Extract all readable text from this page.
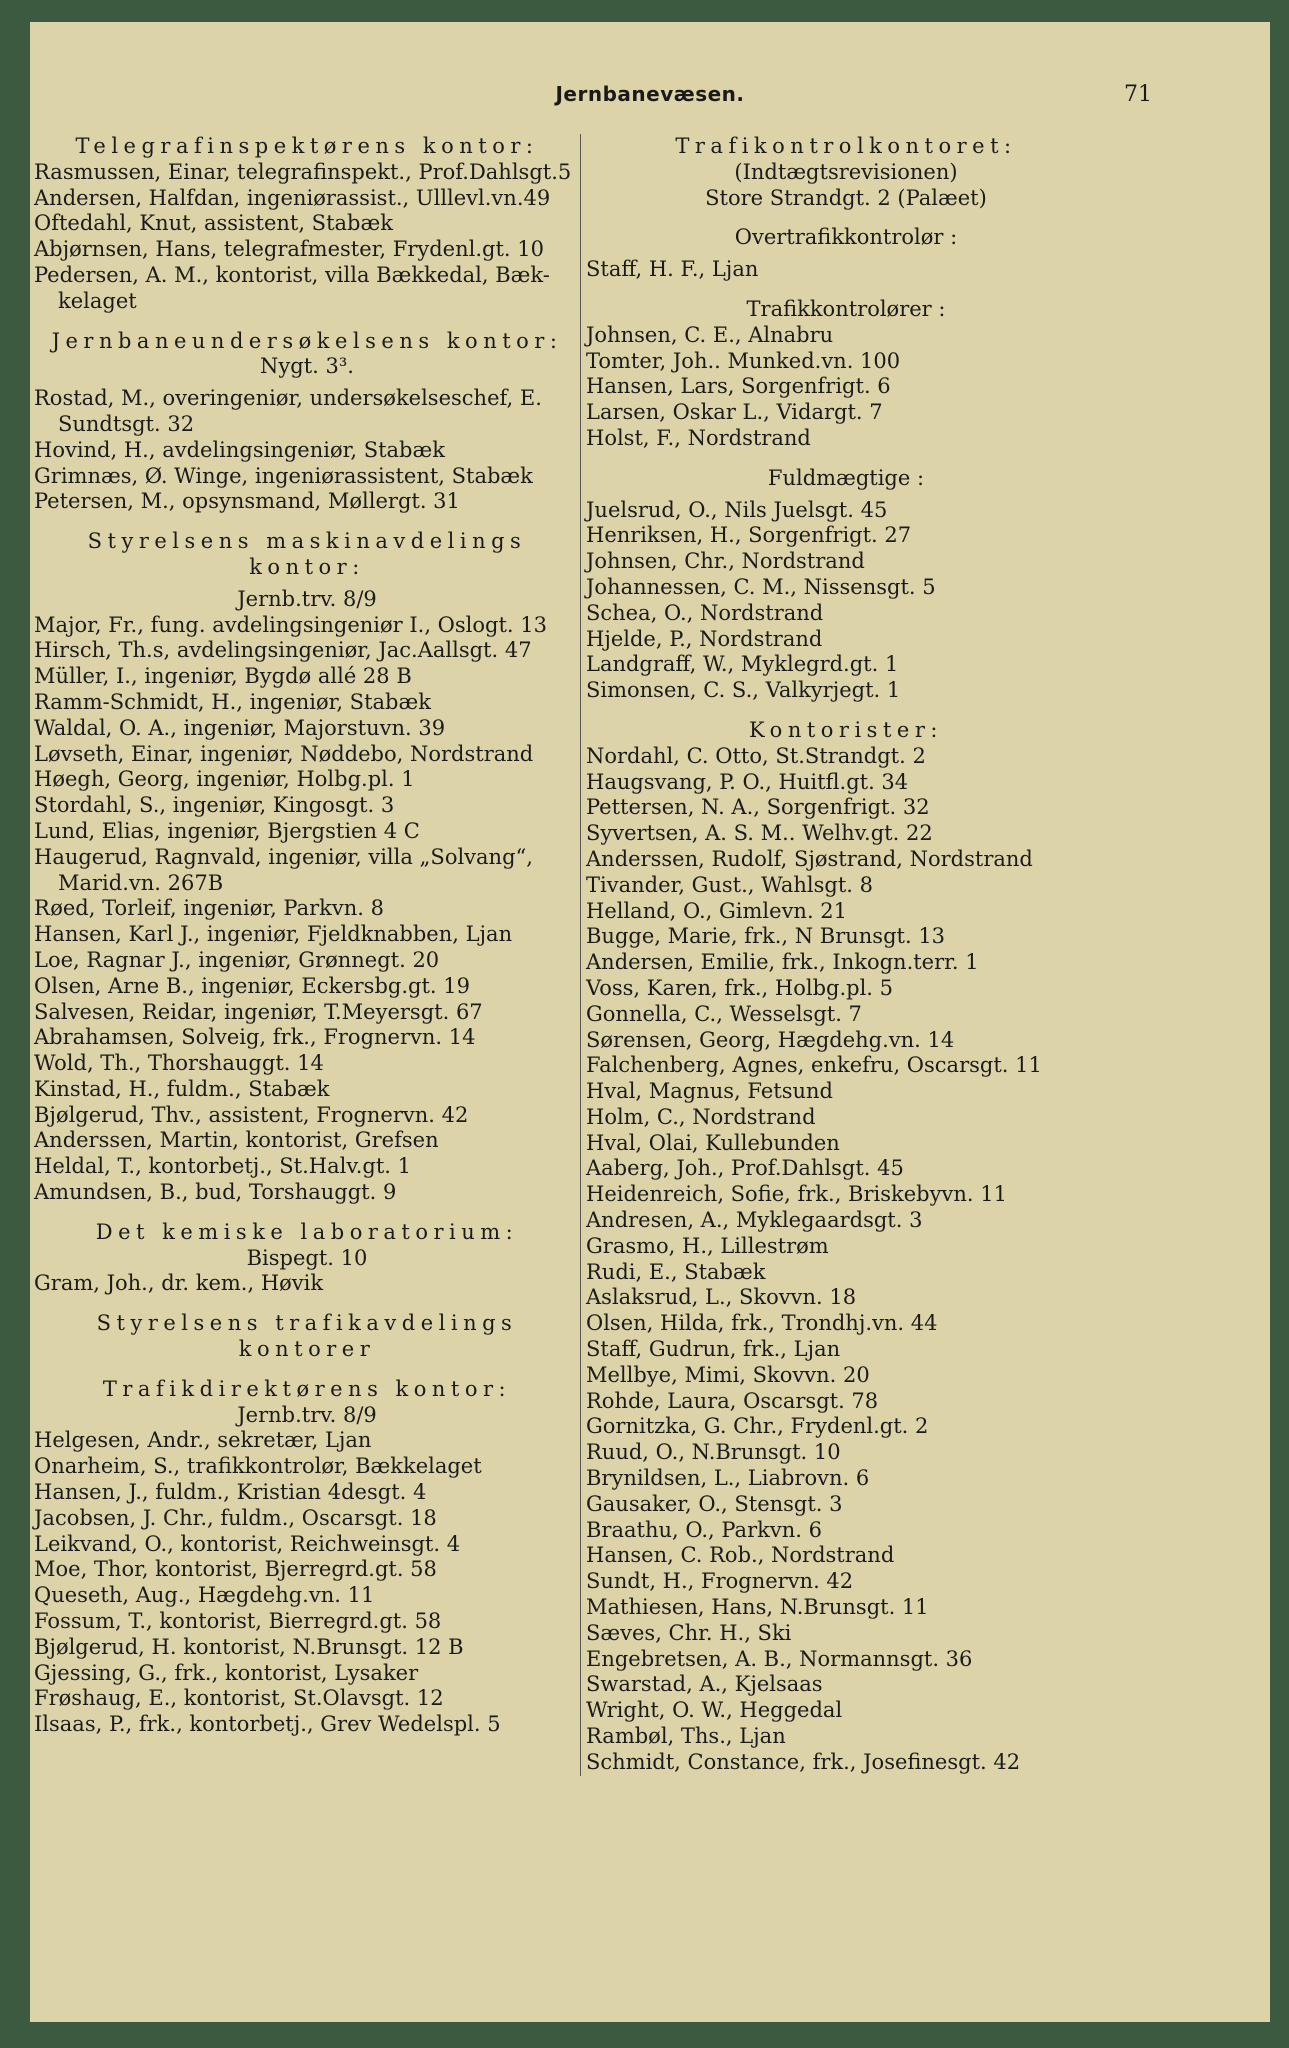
Jernbanevæsen.	71
Telegrafinspektørens kontor:
Rasmussen, Einar, telegrafinspekt., Prof.Dahlsgt.5
Andersen, Halfdan, ingeniørassist., Ulllevl.vn.49
Oftedahl, Knut, assistent, Stabæk
Abjørnsen, Hans, telegrafmester, Frydenl.gt. 10
Pedersen, A. M., kontorist, villa Bækkedal, Bæk-
kelaget
Jernbaneundersøkelsens kontor:
Nygt. 3³.
Rostad, M., overingeniør, undersøkelseschef, E.
Sundtsgt. 32
Hovind, H., avdelingsingeniør, Stabæk
Grimnæs, Ø. Winge, ingeniørassistent, Stabæk
Petersen, M., opsynsmand, Møllergt. 31
Styrelsens maskinavdelings
kontor:
Jernb.trv. 8/9
Major, Fr., fung. avdelingsingeniør I., Oslogt. 13
Hirsch, Th.s, avdelingsingeniør, Jac.Aallsgt. 47
Müller, I., ingeniør, Bygdø allé 28 B
Ramm-Schmidt, H., ingeniør, Stabæk
Waldal, O. A., ingeniør, Majorstuvn. 39
Løvseth, Einar, ingeniør, Nøddebo, Nordstrand
Høegh, Georg, ingeniør, Holbg.pl. 1
Stordahl, S., ingeniør, Kingosgt. 3
Lund, Elias, ingeniør, Bjergstien 4 C
Haugerud, Ragnvald, ingeniør, villa „Solvang“,
Marid.vn. 267B
Røed, Torleif, ingeniør, Parkvn. 8
Hansen, Karl J., ingeniør, Fjeldknabben, Ljan
Loe, Ragnar J., ingeniør, Grønnegt. 20
Olsen, Arne B., ingeniør, Eckersbg.gt. 19
Salvesen, Reidar, ingeniør, T.Meyersgt. 67
Abrahamsen, Solveig, frk., Frognervn. 14
Wold, Th., Thorshauggt. 14
Kinstad, H., fuldm., Stabæk
Bjølgerud, Thv., assistent, Frognervn. 42
Anderssen, Martin, kontorist, Grefsen
Heldal, T., kontorbetj., St.Halv.gt. 1
Amundsen, B., bud, Torshauggt. 9
Det kemiske laboratorium:
Bispegt. 10
Gram, Joh., dr. kem., Høvik
Styrelsens trafikavdelings
kontorer
Trafikdirektørens kontor:
Jernb.trv. 8/9
Helgesen, Andr., sekretær, Ljan
Onarheim, S., trafikkontrolør, Bækkelaget
Hansen, J., fuldm., Kristian 4desgt. 4
Jacobsen, J. Chr., fuldm., Oscarsgt. 18
Leikvand, O., kontorist, Reichweinsgt. 4
Moe, Thor, kontorist, Bjerregrd.gt. 58
Queseth, Aug., Hægdehg.vn. 11
Fossum, T., kontorist, Bierregrd.gt. 58
Bjølgerud, H. kontorist, N.Brunsgt. 12 B
Gjessing, G., frk., kontorist, Lysaker
Frøshaug, E., kontorist, St.Olavsgt. 12
Ilsaas, P., frk., kontorbetj., Grev Wedelspl. 5
Trafikontrolkontoret:
(Indtægtsrevisionen)
Store Strandgt. 2 (Palæet)
Overtrafikkontrolør :
Staff, H. F., Ljan
Trafikkontrolører :
Johnsen, C. E., Alnabru
Tomter, Joh.. Munked.vn. 100
Hansen, Lars, Sorgenfrigt. 6
Larsen, Oskar L., Vidargt. 7
Holst, F., Nordstrand
Fuldmægtige :
Juelsrud, O., Nils Juelsgt. 45
Henriksen, H., Sorgenfrigt. 27
Johnsen, Chr., Nordstrand
Johannessen, C. M., Nissensgt. 5
Schea, O., Nordstrand
Hjelde, P., Nordstrand
Landgraff, W., Myklegrd.gt. 1
Simonsen, C. S., Valkyrjegt. 1
Kontorister:
Nordahl, C. Otto, St.Strandgt. 2
Haugsvang, P. O., Huitfl.gt. 34
Pettersen, N. A., Sorgenfrigt. 32
Syvertsen, A. S. M.. Welhv.gt. 22
Anderssen, Rudolf, Sjøstrand, Nordstrand
Tivander, Gust., Wahlsgt. 8
Helland, O., Gimlevn. 21
Bugge, Marie, frk., N Brunsgt. 13
Andersen, Emilie, frk., Inkogn.terr. 1
Voss, Karen, frk., Holbg.pl. 5
Gonnella, C., Wesselsgt. 7
Sørensen, Georg, Hægdehg.vn. 14
Falchenberg, Agnes, enkefru, Oscarsgt. 11
Hval, Magnus, Fetsund
Holm, C., Nordstrand
Hval, Olai, Kullebunden
Aaberg, Joh., Prof.Dahlsgt. 45
Heidenreich, Sofie, frk., Briskebyvn. 11
Andresen, A., Myklegaardsgt. 3
Grasmo, H., Lillestrøm
Rudi, E., Stabæk
Aslaksrud, L., Skovvn. 18
Olsen, Hilda, frk., Trondhj.vn. 44
Staff, Gudrun, frk., Ljan
Mellbye, Mimi, Skovvn. 20
Rohde, Laura, Oscarsgt. 78
Gornitzka, G. Chr., Frydenl.gt. 2
Ruud, O., N.Brunsgt. 10
Brynildsen, L., Liabrovn. 6
Gausaker, O., Stensgt. 3
Braathu, O., Parkvn. 6
Hansen, C. Rob., Nordstrand
Sundt, H., Frognervn. 42
Mathiesen, Hans, N.Brunsgt. 11
Sæves, Chr. H., Ski
Engebretsen, A. B., Normannsgt. 36
Swarstad, A., Kjelsaas
Wright, O. W., Heggedal
Rambøl, Ths., Ljan
Schmidt, Constance, frk., Josefinesgt. 42
